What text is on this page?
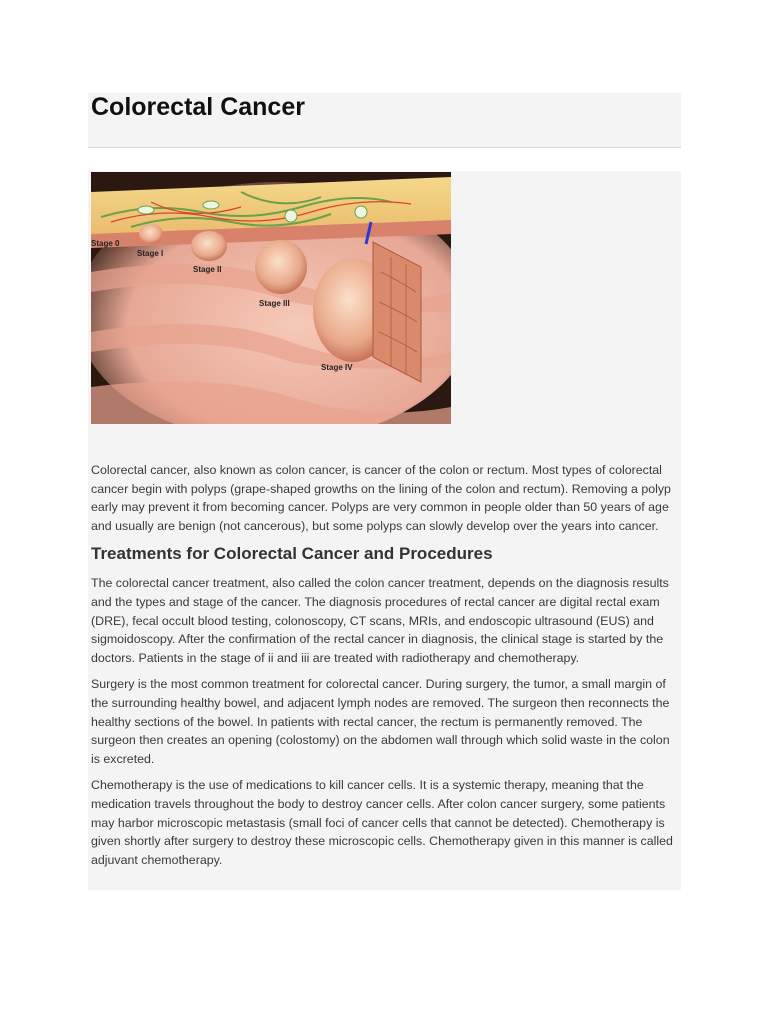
Colorectal Cancer
Stage 0
Stage I
Stage II
Stage III
Stage IV

Colorectal cancer, also known as colon cancer, is cancer of the colon or rectum. Most types of colorectal cancer begin with polyps (grape-shaped growths on the lining of the colon and rectum). Removing a polyp early may prevent it from becoming cancer. Polyps are very common in people older than 50 years of age and usually are benign (not cancerous), but some polyps can slowly develop over the years into cancer.

Treatments for Colorectal Cancer and Procedures

The colorectal cancer treatment, also called the colon cancer treatment, depends on the diagnosis results and the types and stage of the cancer. The diagnosis procedures of rectal cancer are digital rectal exam (DRE), fecal occult blood testing, colonoscopy, CT scans, MRIs, and endoscopic ultrasound (EUS) and sigmoidoscopy. After the confirmation of the rectal cancer in diagnosis, the clinical stage is started by the doctors. Patients in the stage of ii and iii are treated with radiotherapy and chemotherapy.

Surgery is the most common treatment for colorectal cancer. During surgery, the tumor, a small margin of the surrounding healthy bowel, and adjacent lymph nodes are removed. The surgeon then reconnects the healthy sections of the bowel. In patients with rectal cancer, the rectum is permanently removed. The surgeon then creates an opening (colostomy) on the abdomen wall through which solid waste in the colon is excreted.

Chemotherapy is the use of medications to kill cancer cells. It is a systemic therapy, meaning that the medication travels throughout the body to destroy cancer cells. After colon cancer surgery, some patients may harbor microscopic metastasis (small foci of cancer cells that cannot be detected). Chemotherapy is given shortly after surgery to destroy these microscopic cells. Chemotherapy given in this manner is called adjuvant chemotherapy.
